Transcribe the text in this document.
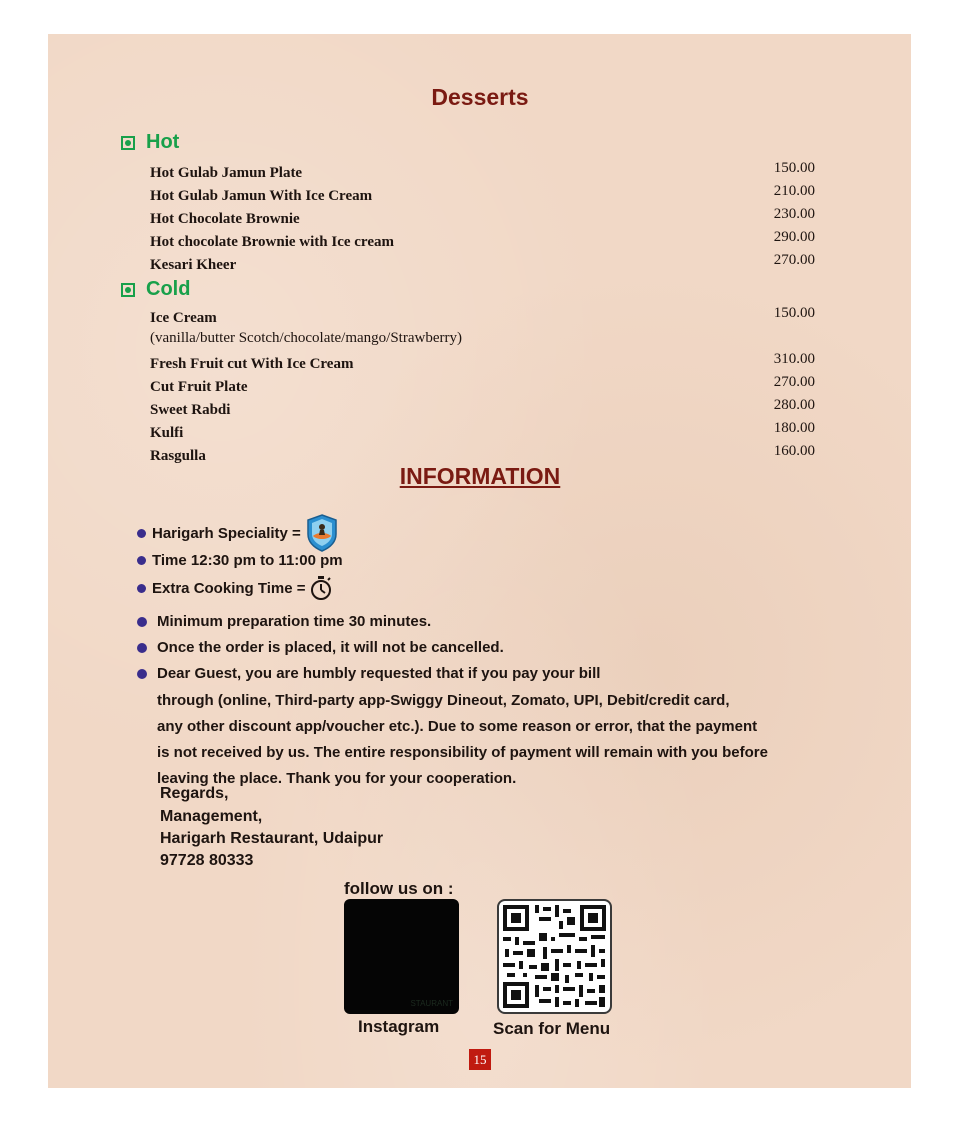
Desserts
Hot
Hot Gulab Jamun Plate	150.00
Hot Gulab Jamun With Ice Cream	210.00
Hot Chocolate Brownie	230.00
Hot chocolate Brownie with Ice cream	290.00
Kesari Kheer	270.00
Cold
Ice Cream	150.00
(vanilla/butter Scotch/chocolate/mango/Strawberry)
Fresh Fruit cut With Ice Cream	310.00
Cut Fruit Plate	270.00
Sweet Rabdi	280.00
Kulfi	180.00
Rasgulla	160.00
INFORMATION
Harigarh Speciality =
Time 12:30 pm to 11:00 pm
Extra Cooking Time =
Minimum preparation time 30 minutes.
Once the order is placed, it will not be cancelled.
Dear Guest, you are humbly requested that if you pay your bill
through (online, Third-party app-Swiggy Dineout, Zomato, UPI, Debit/credit card,
any other discount app/voucher etc.). Due to some reason or error, that the payment
is not received by us. The entire responsibility of payment will remain with you before
leaving the place. Thank you for your cooperation.
Regards,
Management,
Harigarh Restaurant, Udaipur
97728 80333
follow us on :
STAURANT
Instagram	Scan for Menu
15
